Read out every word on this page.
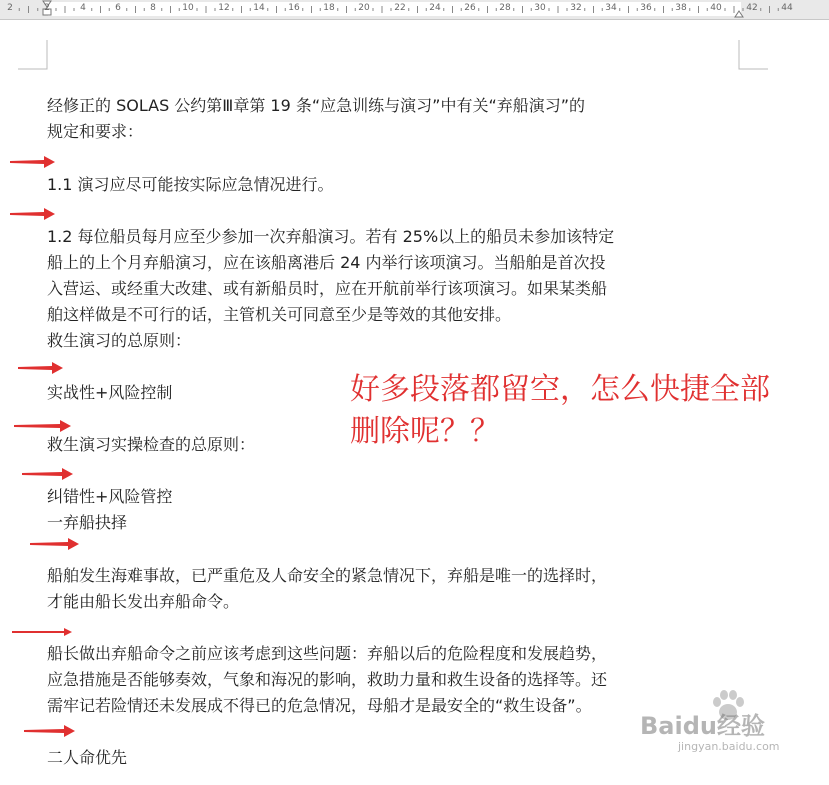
2	2	4	6	8	10	12	14	16	18	20	22	24	26	28	30	32	34	36	38	40	42	44
经修正的 SOLAS 公约第Ⅲ章第 19 条“应急训练与演习”中有关“弃船演习”的
规定和要求：
1.1 演习应尽可能按实际应急情况进行。
1.2 每位船员每月应至少参加一次弃船演习。若有 25%以上的船员未参加该特定
船上的上个月弃船演习，应在该船离港后 24 内举行该项演习。当船舶是首次投
入营运、或经重大改建、或有新船员时，应在开航前举行该项演习。如果某类船
舶这样做是不可行的话，主管机关可同意至少是等效的其他安排。
救生演习的总原则：
实战性+风险控制
救生演习实操检查的总原则：
纠错性+风险管控
一弃船抉择
船舶发生海难事故，已严重危及人命安全的紧急情况下，弃船是唯一的选择时，
才能由船长发出弃船命令。
船长做出弃船命令之前应该考虑到这些问题：弃船以后的危险程度和发展趋势，
应急措施是否能够奏效，气象和海况的影响，救助力量和救生设备的选择等。还
需牢记若险情还未发展成不得已的危急情况，母船才是最安全的“救生设备”。
二人命优先
好多段落都留空，怎么快捷全部
删除呢？？
Baidu经验
jingyan.baidu.com
